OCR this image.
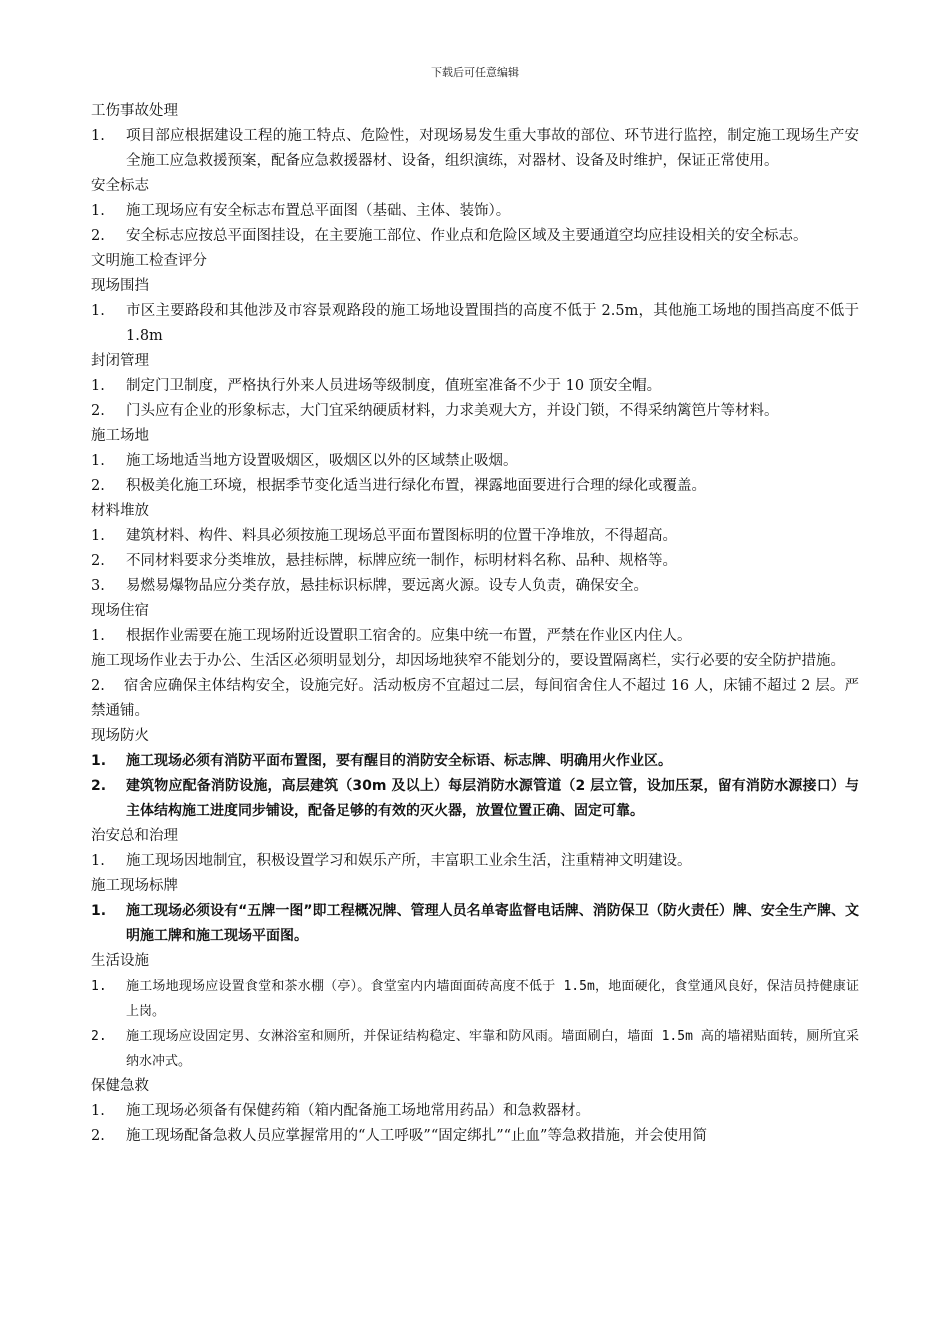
下载后可任意编辑
工伤事故处理
1.	项目部应根据建设工程的施工特点、危险性，对现场易发生重大事故的部位、环节进行监控，制定施工现场生产安全施工应急救援预案，配备应急救援器材、设备，组织演练，对器材、设备及时维护，保证正常使用。
安全标志
1.	施工现场应有安全标志布置总平面图（基础、主体、装饰）。
2.	安全标志应按总平面图挂设，在主要施工部位、作业点和危险区域及主要通道空均应挂设相关的安全标志。
文明施工检查评分
现场围挡
1.	市区主要路段和其他涉及市容景观路段的施工场地设置围挡的高度不低于 2.5m，其他施工场地的围挡高度不低于 1.8m
封闭管理
1.	制定门卫制度，严格执行外来人员进场等级制度，值班室准备不少于 10 顶安全帽。
2.	门头应有企业的形象标志，大门宜采纳硬质材料，力求美观大方，并设门锁，不得采纳篱笆片等材料。
施工场地
1.	施工场地适当地方设置吸烟区，吸烟区以外的区域禁止吸烟。
2.	积极美化施工环境，根据季节变化适当进行绿化布置，裸露地面要进行合理的绿化或覆盖。
材料堆放
1.	建筑材料、构件、料具必须按施工现场总平面布置图标明的位置干净堆放，不得超高。
2.	不同材料要求分类堆放，悬挂标牌，标牌应统一制作，标明材料名称、品种、规格等。
3.	易燃易爆物品应分类存放，悬挂标识标牌，要远离火源。设专人负责，确保安全。
现场住宿
1.	根据作业需要在施工现场附近设置职工宿舍的。应集中统一布置，严禁在作业区内住人。
施工现场作业去于办公、生活区必须明显划分，却因场地狭窄不能划分的，要设置隔离栏，实行必要的安全防护措施。
2. 宿舍应确保主体结构安全，设施完好。活动板房不宜超过二层，每间宿舍住人不超过 16 人，床铺不超过 2 层。严禁通铺。
现场防火
1.	施工现场必须有消防平面布置图，要有醒目的消防安全标语、标志牌、明确用火作业区。
2.	建筑物应配备消防设施，高层建筑（30m 及以上）每层消防水源管道（2 层立管，设加压泵，留有消防水源接口）与主体结构施工进度同步铺设，配备足够的有效的灭火器，放置位置正确、固定可靠。
治安总和治理
1.	施工现场因地制宜，积极设置学习和娱乐产所，丰富职工业余生活，注重精神文明建设。
施工现场标牌
1.	施工现场必须设有“五牌一图”即工程概况牌、管理人员名单寄监督电话牌、消防保卫（防火责任）牌、安全生产牌、文明施工牌和施工现场平面图。
生活设施
1.	施工场地现场应设置食堂和茶水棚（亭）。食堂室内内墙面面砖高度不低于 1.5m，地面硬化，食堂通风良好，保洁员持健康证上岗。
2.	施工现场应设固定男、女淋浴室和厕所，并保证结构稳定、牢靠和防风雨。墙面刷白，墙面 1.5m 高的墙裙贴面转，厕所宜采纳水冲式。
保健急救
1.	施工现场必须备有保健药箱（箱内配备施工场地常用药品）和急救器材。
2.	施工现场配备急救人员应掌握常用的“人工呼吸”“固定绑扎”“止血”等急救措施，并会使用简
